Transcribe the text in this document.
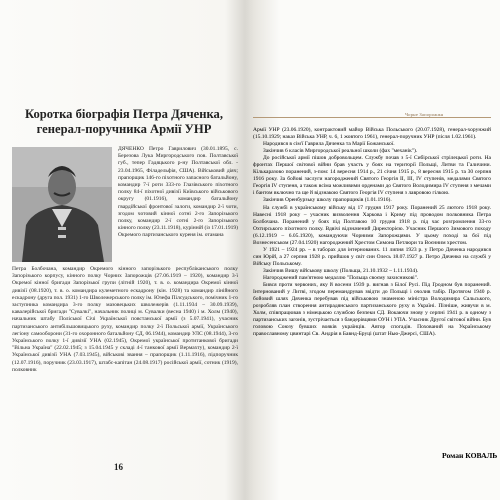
Коротка біографія Петра Дяченка,
генерал-поручника Армії УНР
ДЯЧЕНКО Петро Гаврилович (30.01.1895, с. Березова Лука Миргородського пов. Полтавської губ., тепер Гадяцького р-ну Полтавської обл. - 23.04.1965, Філадельфія, США). Військовий діяч; прапорщик 146-го піхотного запасного батальйону, командир 7-ї роти 333-го Глазівського піхотного полку 84-ї піхотної дивізії Київського військового округу (01.1916), командир батальйону гвардійської фронтової залоги, командир 2-ї чоти, згодом чотовий кінної сотні 2-го Запорізького полку, командир 2-ї сотні 2-го Запорізького кінного полку (23.11.1918), куріннiй (із 17.01.1919) Окремого партизанського куреня ім. отамана
Петра Болбочана, командир Окремого кінного запорізького республіканського полку Запорізького корпусу, кінного полку Чорних Запорожців (27.06.1919 – 1920), командир 3-ї Окремої кінної бригади Запорізької групи (літній 1920), т. в. о. командира Окремої кінної дивізії (08.1920), т. в. о. командира кулеметного ескадрону (кін. 1928) та командир лінійного ескадрону (друга пол. 1931) 1-го Шволежерського полку ім. Юзефа Пілсудського, помічник 1-го заступника командира 3-го полку мазовецьких шволежерів (1.11.1934 – 30.09.1939), кавалерійської бригади "Сувалкі", начальник полиці м. Сувалки (весна 1940) і м. Холм (1940), начальник штабу Поліської Січі Української повстанської армії (з 5.07.1941), учасник партизанського антибільшовицького руху, командир полку 2-ї Польської армії, Українського легіону самооборони (31-го охоронного батальйону СД, 06.1944), командир УЛС (08.1944), 3-го Українського полку 1-ї дивізії УНА (02.1945), Окремої української протитанкової бригади "Вільна Україна" (22.02.1945; з 15.04.1945 у складі 4-ї танкової армії Вермахту), командир 2-ї Української дивізії УНА (7.03.1945), військові звання – прапорщик (1.11.1916), підпоручник (12.07.1916), поручник (23.03.1917), штабс-капітан (24.08.1917) російської армії, сотник (1919), полковник
16
Чорне Запорожжя

Армії УНР (23.06.1920), контрактовий майор Війська Польського (20.07.1928), генерал-хорунжий (15.10.1929; наказ Війська УНР, ч. 6, 1 жовтого 1961), генерал-поручник УНР (після 1.02.1961).

Народився в сім'ї Гаврила Дяченка та Марії Божанської.

Закінчив 6 класів Миргородської реальної школи (фах "механік").

До російської армії пішов добровольцем. Службу почав з 5-ї Сибірської стрілецької роти. На фронтах Першої світової війни брав участь у боях на території Польщі, Литви та Галичини. Кількаразово поранений, з-пом: 14 вересня 1914 р., 21 січня 1915 р., 8 вересня 1915 р. та 30 серпня 1916 року. За бойові заслуги нагороджений Святого Георгія ІІ, ІІІ, IV ступенів, медалями Святого Георгія IV ступеня, а також всіма можливими орденами до Святого Володимира IV ступеня з мечами і бантом включно та ще й відзнакою Святого Георгія IV ступеня з лавровою гілкою.

Закінчив Оренбурзьку школу прапорщиків (1.01.1916).

На службі в українському війську від 17 грудня 1917 року. Поранений 25 лютого 1918 року. Навесні 1918 року – учасник визволення Харкова і Криму під проводом полковника Петра Болбочана. Поранений у боях під Полтавою 10 грудня 1918 р. під час розгромлення 33-го Охтирського піхотного полку. Вдвічі відзначений Директорією. Учасник Першого Зимового походу (6.12.1919 – 6.05.1920), командуючи Чорними Запорожцями. У цьому поході за бої під Вознесенськом (27.04.1920) нагороджений Хрестом Симона Петлюри та Воєнним хрестом.

У 1921 – 1924 рр. – в таборах для інтернованих. 11 липня 1923 р. у Петро Дяченка народився син Юрій, а 27 серпня 1928 р. прийшов у світ син Олесь 18.07.1927 р. Петро Дяченко на службі у Війську Польському.

Закінчив Вишу військову школу (Польща, 21.10.1932 – 1.11.1934).

Нагороджений пам'ятною медаллю "Польща своєму захисникові".

Бився проти червоних, яку й восени 1939 р. вигнав з Білої Русі. Під Гродном був поранений. Інтернований у Литві, згодом перемандрував звідти до Польщі і очолив табір. Протягом 1940 р. бойовий шлях Дяченка перебував під військовою знаменою міністра Володимира Сальського, розробляв план створення антирадянського партизанського руху в Україні. Пізніше, живучи в м. Холм, співпрацював з німецькою службою безпеки СД. Вокаючи знову у серпні 1941 р. в одному з партизанських загонів, зустрічається з бандерівцями ОУН і УПА. Учасник Другої світової війни. Був головою Союзу бувших вояків українців. Автор спогадів. Похований на Українському православному цвинтарі Св. Андрія в Бавнд-Бруці (штат Нью-Джерсі, США).

Роман КОВАЛЬ
